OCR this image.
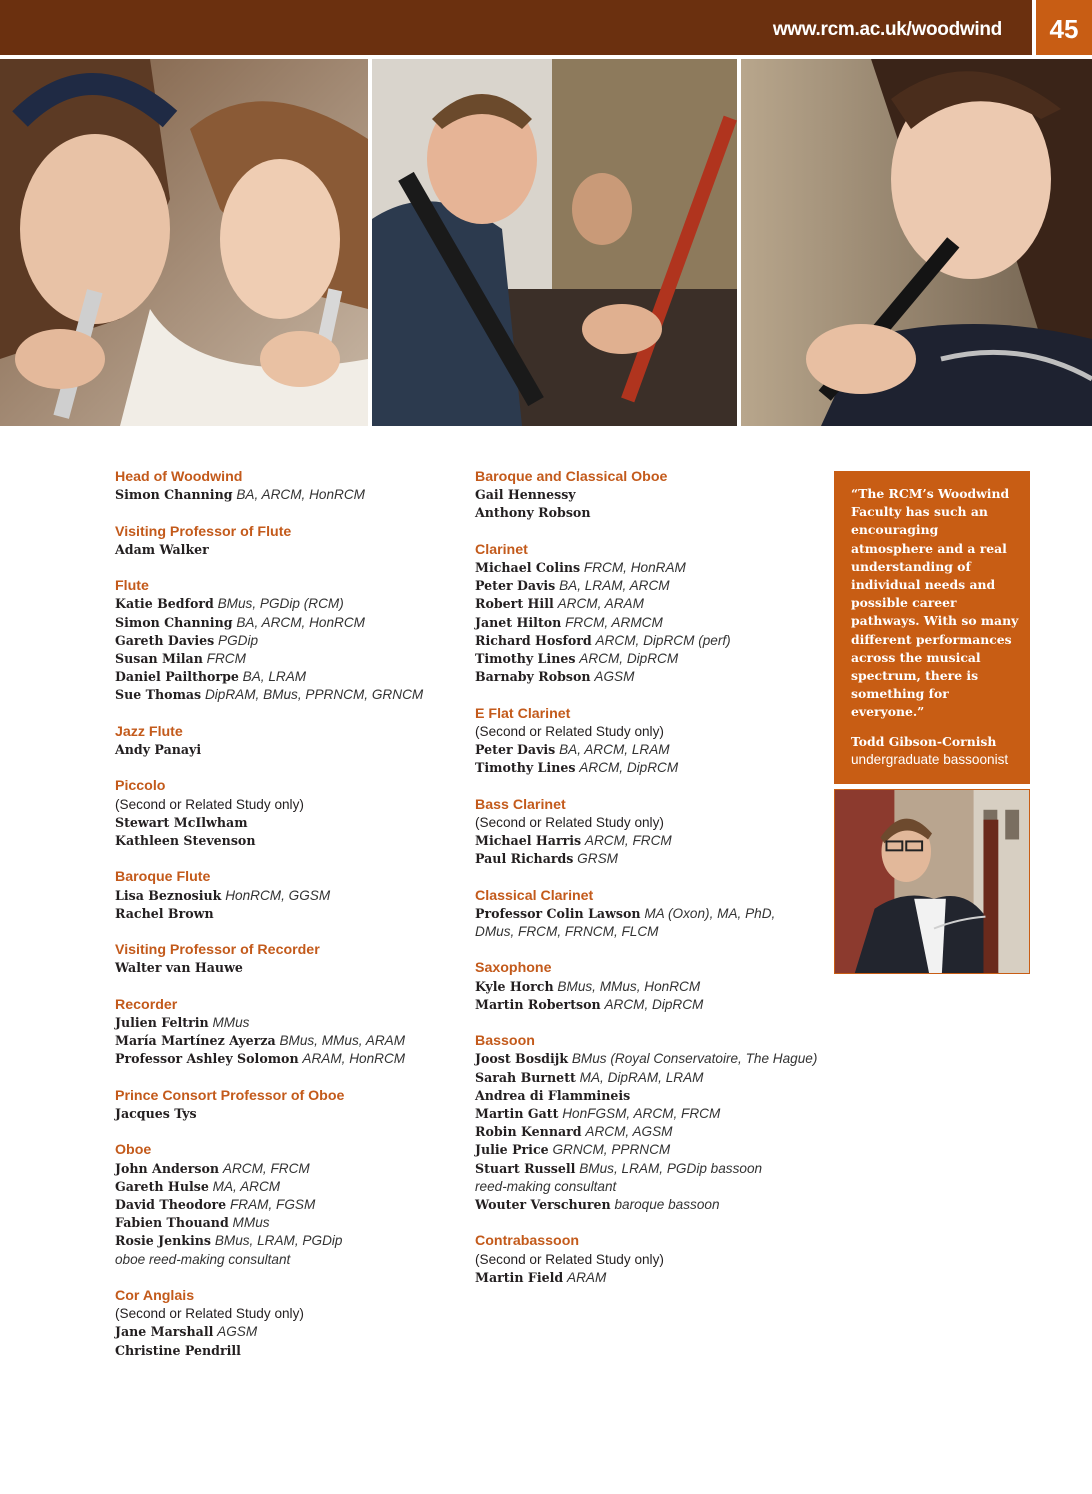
www.rcm.ac.uk/woodwind	45
Head of Woodwind
Simon Channing BA, ARCM, HonRCM
Visiting Professor of Flute
Adam Walker
Flute
Katie Bedford BMus, PGDip (RCM)
Simon Channing BA, ARCM, HonRCM
Gareth Davies PGDip
Susan Milan FRCM
Daniel Pailthorpe BA, LRAM
Sue Thomas DipRAM, BMus, PPRNCM, GRNCM
Jazz Flute
Andy Panayi
Piccolo
(Second or Related Study only)
Stewart McIlwham
Kathleen Stevenson
Baroque Flute
Lisa Beznosiuk HonRCM, GGSM
Rachel Brown
Visiting Professor of Recorder
Walter van Hauwe
Recorder
Julien Feltrin MMus
María Martínez Ayerza BMus, MMus, ARAM
Professor Ashley Solomon ARAM, HonRCM
Prince Consort Professor of Oboe
Jacques Tys
Oboe
John Anderson ARCM, FRCM
Gareth Hulse MA, ARCM
David Theodore FRAM, FGSM
Fabien Thouand MMus
Rosie Jenkins BMus, LRAM, PGDip
oboe reed-making consultant
Cor Anglais
(Second or Related Study only)
Jane Marshall AGSM
Christine Pendrill
Baroque and Classical Oboe
Gail Hennessy
Anthony Robson
Clarinet
Michael Colins FRCM, HonRAM
Peter Davis BA, LRAM, ARCM
Robert Hill ARCM, ARAM
Janet Hilton FRCM, ARMCM
Richard Hosford ARCM, DipRCM (perf)
Timothy Lines ARCM, DipRCM
Barnaby Robson AGSM
E Flat Clarinet
(Second or Related Study only)
Peter Davis BA, ARCM, LRAM
Timothy Lines ARCM, DipRCM
Bass Clarinet
(Second or Related Study only)
Michael Harris ARCM, FRCM
Paul Richards GRSM
Classical Clarinet
Professor Colin Lawson MA (Oxon), MA, PhD,
DMus, FRCM, FRNCM, FLCM
Saxophone
Kyle Horch BMus, MMus, HonRCM
Martin Robertson ARCM, DipRCM
Bassoon
Joost Bosdijk BMus (Royal Conservatoire, The Hague)
Sarah Burnett MA, DipRAM, LRAM
Andrea di Flammineis
Martin Gatt HonFGSM, ARCM, FRCM
Robin Kennard ARCM, AGSM
Julie Price GRNCM, PPRNCM
Stuart Russell BMus, LRAM, PGDip bassoon
reed-making consultant
Wouter Verschuren baroque bassoon
Contrabassoon
(Second or Related Study only)
Martin Field ARAM
“The RCM’s Woodwind Faculty has such an encouraging atmosphere and a real understanding of individual needs and possible career pathways. With so many different performances across the musical spectrum, there is something for everyone.”
Todd Gibson-Cornish
undergraduate bassoonist
